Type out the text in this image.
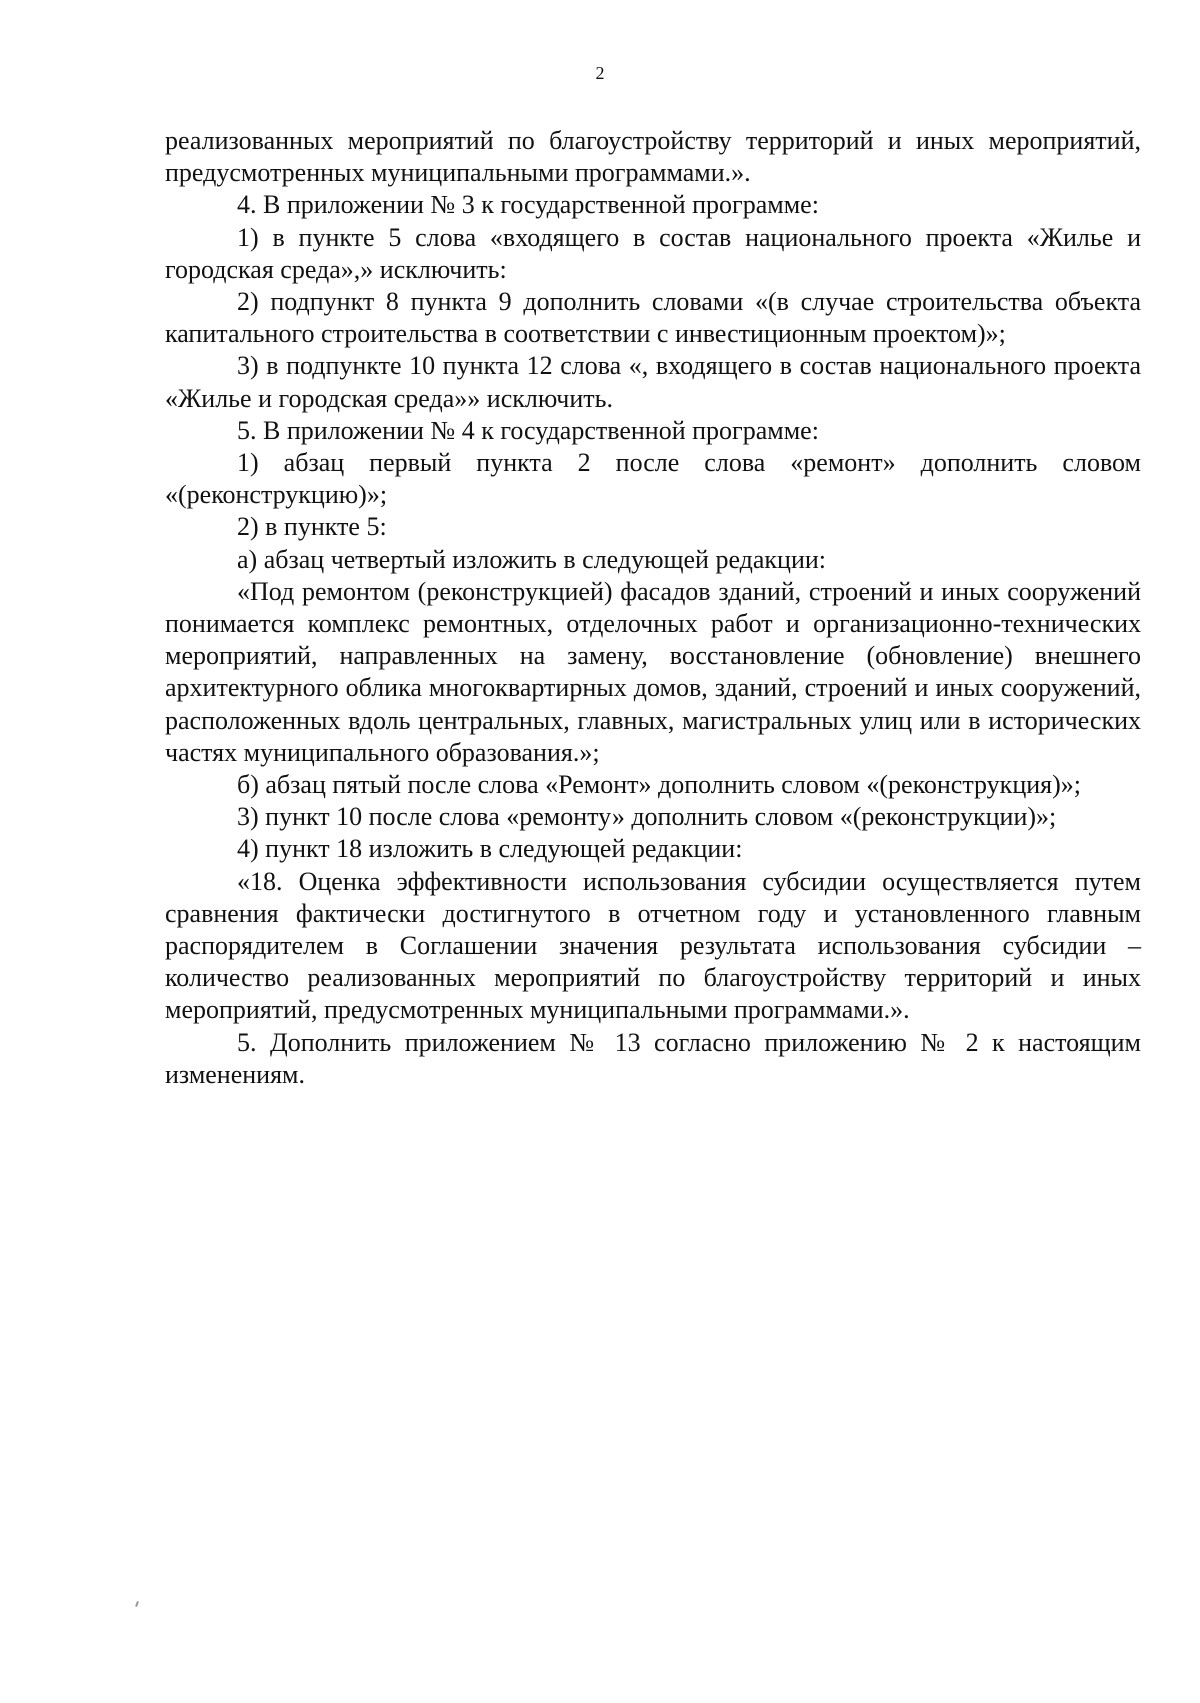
2

реализованных мероприятий по благоустройству территорий и иных мероприятий, предусмотренных муниципальными программами.».

4. В приложении № 3 к государственной программе:

1) в пункте 5 слова «входящего в состав национального проекта «Жилье и городская среда»,» исключить:

2) подпункт 8 пункта 9 дополнить словами «(в случае строительства объекта капитального строительства в соответствии с инвестиционным проектом)»;

3) в подпункте 10 пункта 12 слова «, входящего в состав национального проекта «Жилье и городская среда»» исключить.

5. В приложении № 4 к государственной программе:

1) абзац первый пункта 2 после слова «ремонт» дополнить словом «(реконструкцию)»;

2) в пункте 5:

а) абзац четвертый изложить в следующей редакции:

«Под ремонтом (реконструкцией) фасадов зданий, строений и иных сооружений понимается комплекс ремонтных, отделочных работ и организационно-технических мероприятий, направленных на замену, восстановление (обновление) внешнего архитектурного облика многоквартирных домов, зданий, строений и иных сооружений, расположенных вдоль центральных, главных, магистральных улиц или в исторических частях муниципального образования.»;

б) абзац пятый после слова «Ремонт» дополнить словом «(реконструкция)»;

3) пункт 10 после слова «ремонту» дополнить словом «(реконструкции)»;

4) пункт 18 изложить в следующей редакции:

«18. Оценка эффективности использования субсидии осуществляется путем сравнения фактически достигнутого в отчетном году и установленного главным распорядителем в Соглашении значения результата использования субсидии – количество реализованных мероприятий по благоустройству территорий и иных мероприятий, предусмотренных муниципальными программами.».

5. Дополнить приложением № 13 согласно приложению № 2 к настоящим изменениям.
